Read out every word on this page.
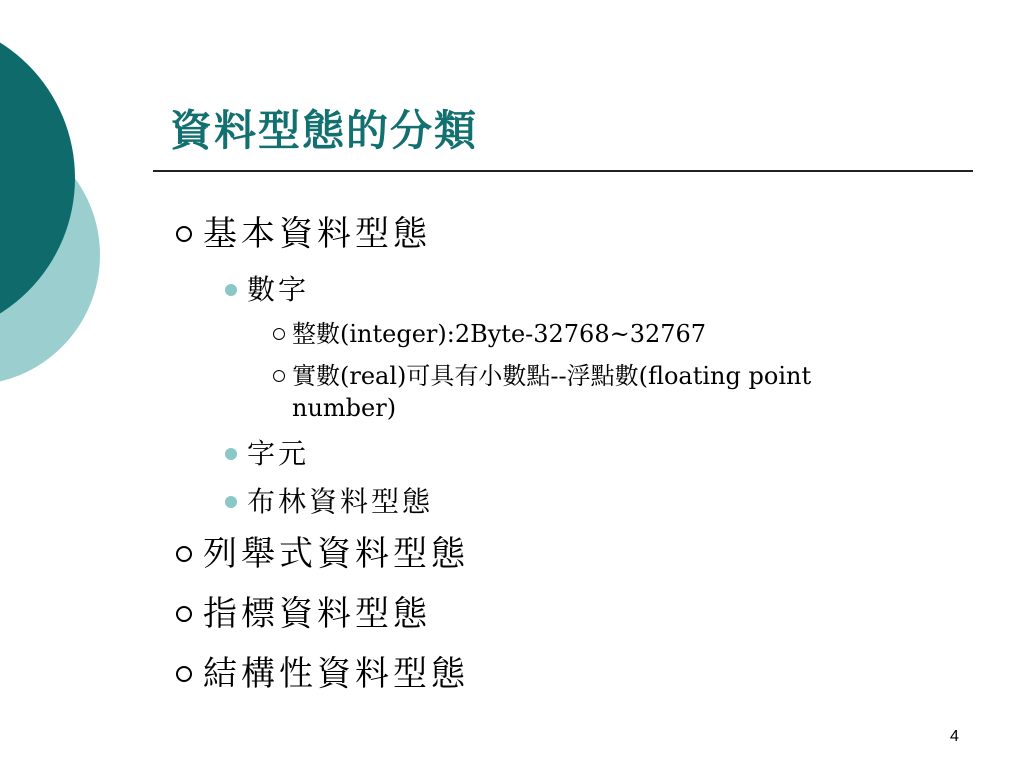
資料型態的分類
基本資料型態
數字
整數(integer):2Byte-32768~32767
實數(real)可具有小數點--浮點數(floating point number)
字元
布林資料型態
列舉式資料型態
指標資料型態
結構性資料型態
4
